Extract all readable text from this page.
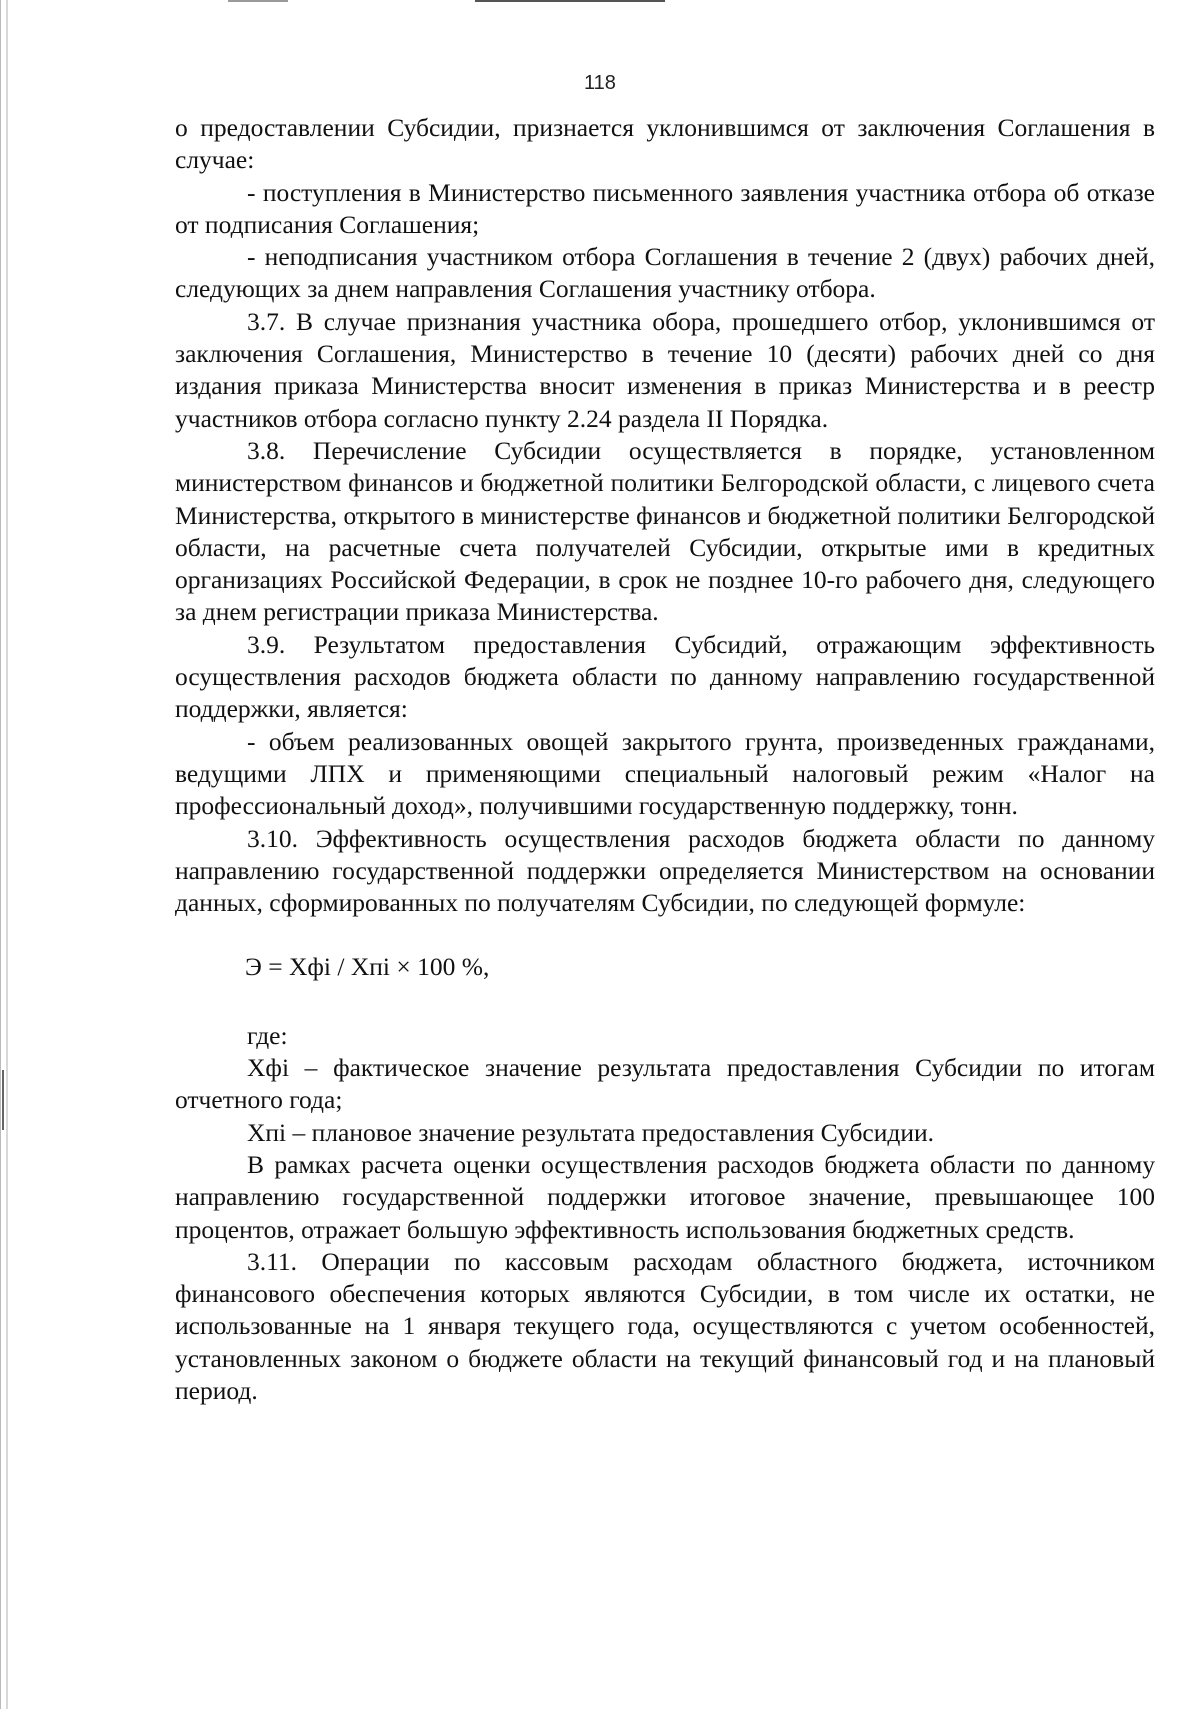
118

о предоставлении Субсидии, признается уклонившимся от заключения Соглашения в случае:

- поступления в Министерство письменного заявления участника отбора об отказе от подписания Соглашения;

- неподписания участником отбора Соглашения в течение 2 (двух) рабочих дней, следующих за днем направления Соглашения участнику отбора.

3.7. В случае признания участника обора, прошедшего отбор, уклонившимся от заключения Соглашения, Министерство в течение 10 (десяти) рабочих дней со дня издания приказа Министерства вносит изменения в приказ Министерства и в реестр участников отбора согласно пункту 2.24 раздела II Порядка.

3.8. Перечисление Субсидии осуществляется в порядке, установленном министерством финансов и бюджетной политики Белгородской области, с лицевого счета Министерства, открытого в министерстве финансов и бюджетной политики Белгородской области, на расчетные счета получателей Субсидии, открытые ими в кредитных организациях Российской Федерации, в срок не позднее 10-го рабочего дня, следующего за днем регистрации приказа Министерства.

3.9. Результатом предоставления Субсидий, отражающим эффективность осуществления расходов бюджета области по данному направлению государственной поддержки, является:

- объем реализованных овощей закрытого грунта, произведенных гражданами, ведущими ЛПХ и применяющими специальный налоговый режим «Налог на профессиональный доход», получившими государственную поддержку, тонн.

3.10. Эффективность осуществления расходов бюджета области по данному направлению государственной поддержки определяется Министерством на основании данных, сформированных по получателям Субсидии, по следующей формуле:

Э = Хфi / Хпi × 100 %,

где:

Хфi – фактическое значение результата предоставления Субсидии по итогам отчетного года;

Хпi – плановое значение результата предоставления Субсидии.

В рамках расчета оценки осуществления расходов бюджета области по данному направлению государственной поддержки итоговое значение, превышающее 100 процентов, отражает большую эффективность использования бюджетных средств.

3.11. Операции по кассовым расходам областного бюджета, источником финансового обеспечения которых являются Субсидии, в том числе их остатки, не использованные на 1 января текущего года, осуществляются с учетом особенностей, установленных законом о бюджете области на текущий финансовый год и на плановый период.
